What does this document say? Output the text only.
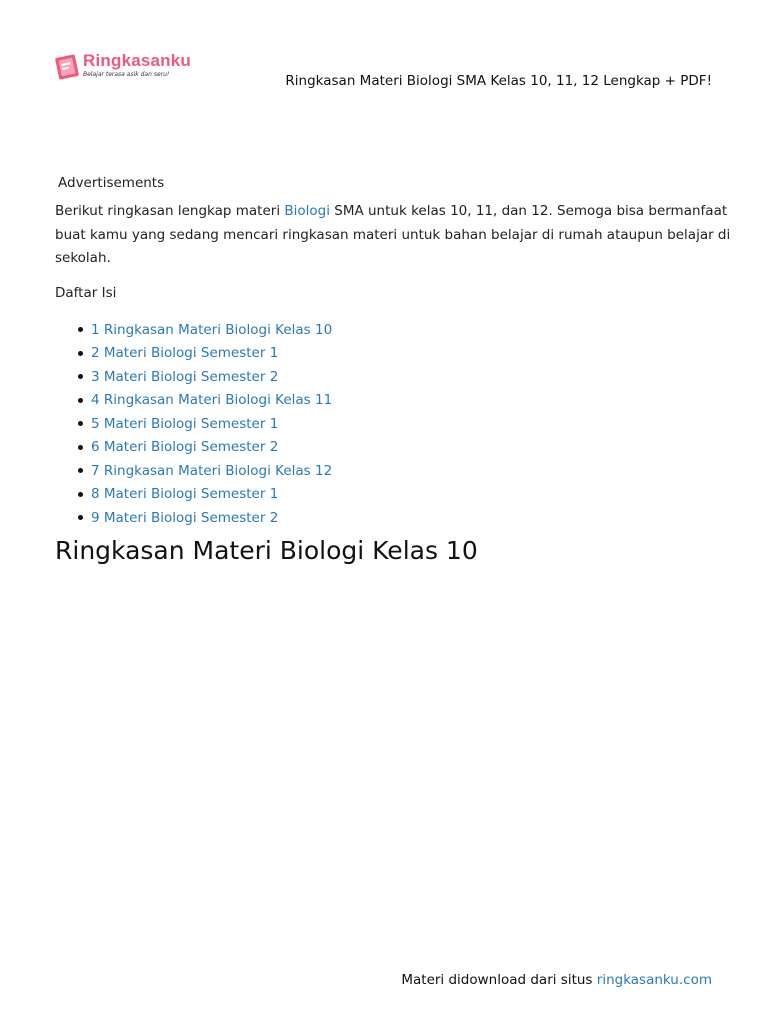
Ringkasanku
Belajar terasa asik dan seru!	Ringkasan Materi Biologi SMA Kelas 10, 11, 12 Lengkap + PDF!
Advertisements

Berikut ringkasan lengkap materi Biologi SMA untuk kelas 10, 11, dan 12. Semoga bisa bermanfaat buat kamu yang sedang mencari ringkasan materi untuk bahan belajar di rumah ataupun belajar di sekolah.

Daftar Isi
1 Ringkasan Materi Biologi Kelas 10
2 Materi Biologi Semester 1
3 Materi Biologi Semester 2
4 Ringkasan Materi Biologi Kelas 11
5 Materi Biologi Semester 1
6 Materi Biologi Semester 2
7 Ringkasan Materi Biologi Kelas 12
8 Materi Biologi Semester 1
9 Materi Biologi Semester 2
Ringkasan Materi Biologi Kelas 10
Materi didownload dari situs ringkasanku.com
